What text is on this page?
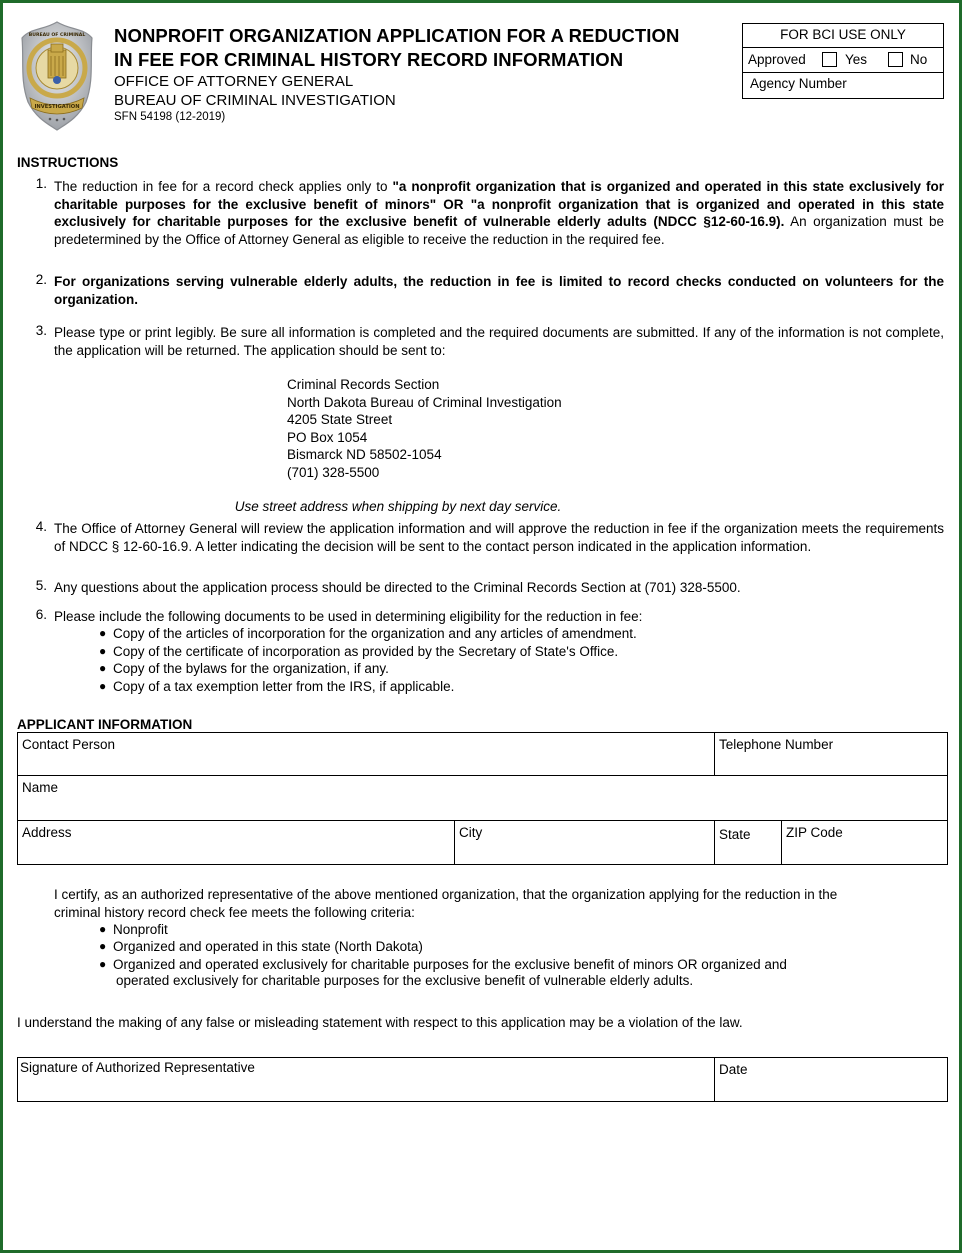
INVESTIGATION
BUREAU OF CRIMINAL NONPROFIT ORGANIZATION APPLICATION FOR A REDUCTION
IN FEE FOR CRIMINAL HISTORY RECORD INFORMATION
OFFICE OF ATTORNEY GENERAL
BUREAU OF CRIMINAL INVESTIGATION
SFN 54198 (12-2019)
FOR BCI USE ONLY
Approved	Yes	No
Agency Number
INSTRUCTIONS
1. The reduction in fee for a record check applies only to "a nonprofit organization that is organized and operated in this state exclusively for charitable purposes for the exclusive benefit of minors" OR "a nonprofit organization that is organized and operated in this state exclusively for charitable purposes for the exclusive benefit of vulnerable elderly adults (NDCC §12-60-16.9). An organization must be predetermined by the Office of Attorney General as eligible to receive the reduction in the required fee.
2. For organizations serving vulnerable elderly adults, the reduction in fee is limited to record checks conducted on volunteers for the organization.
3. Please type or print legibly. Be sure all information is completed and the required documents are submitted. If any of the information is not complete, the application will be returned. The application should be sent to:
Criminal Records Section
North Dakota Bureau of Criminal Investigation
4205 State Street
PO Box 1054
Bismarck ND 58502-1054
(701) 328-5500
Use street address when shipping by next day service.
4. The Office of Attorney General will review the application information and will approve the reduction in fee if the organization meets the requirements of NDCC § 12-60-16.9. A letter indicating the decision will be sent to the contact person indicated in the application information.
5. Any questions about the application process should be directed to the Criminal Records Section at (701) 328-5500.
6. Please include the following documents to be used in determining eligibility for the reduction in fee:
● Copy of the articles of incorporation for the organization and any articles of amendment.
● Copy of the certificate of incorporation as provided by the Secretary of State's Office.
● Copy of the bylaws for the organization, if any.
● Copy of a tax exemption letter from the IRS, if applicable.
APPLICANT INFORMATION
Contact Person	Telephone Number
Name
Address	City	State	ZIP Code
I certify, as an authorized representative of the above mentioned organization, that the organization applying for the reduction in the
criminal history record check fee meets the following criteria:
● Nonprofit
● Organized and operated in this state (North Dakota)
● Organized and operated exclusively for charitable purposes for the exclusive benefit of minors OR organized and
operated exclusively for charitable purposes for the exclusive benefit of vulnerable elderly adults.
I understand the making of any false or misleading statement with respect to this application may be a violation of the law.
Signature of Authorized Representative	Date
